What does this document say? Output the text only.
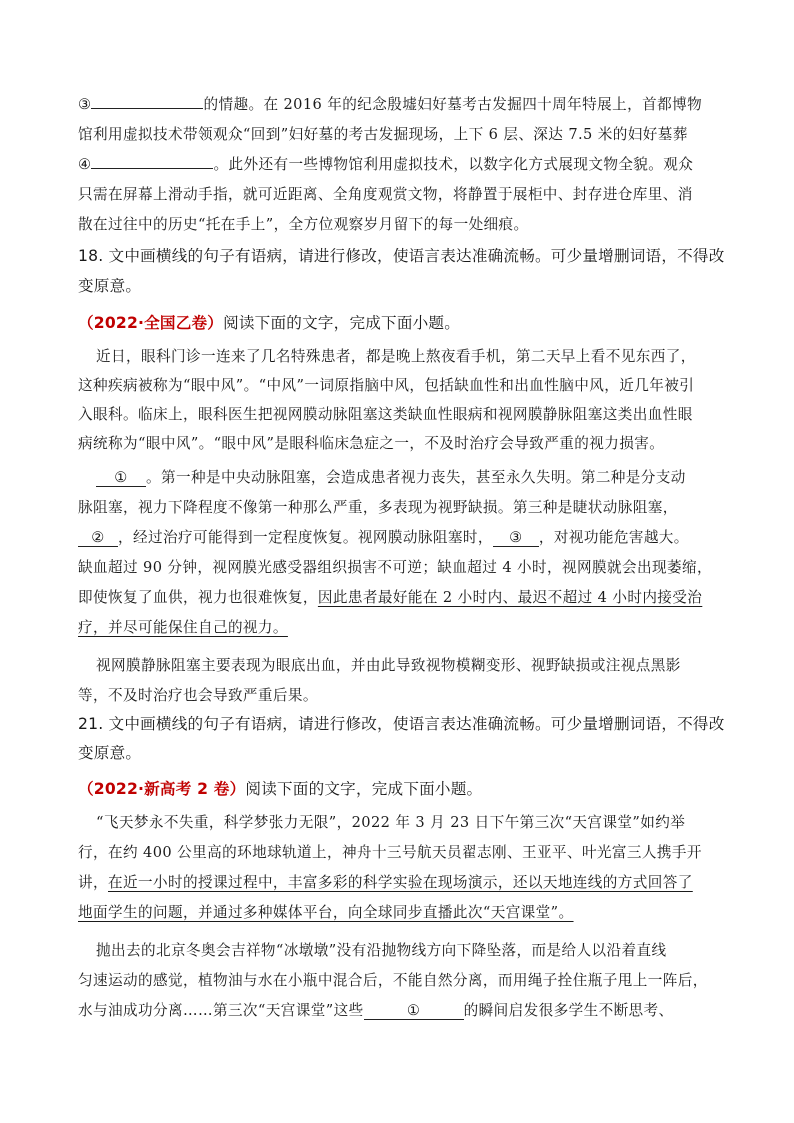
③	的情趣。在 2016 年的纪念殷墟妇好墓考古发掘四十周年特展上，首都博物
馆利用虚拟技术带领观众“回到”妇好墓的考古发掘现场，上下 6 层、深达 7.5 米的妇好墓葬
④	。此外还有一些博物馆利用虚拟技术，以数字化方式展现文物全貌。观众
只需在屏幕上滑动手指，就可近距离、全角度观赏文物，将静置于展柜中、封存进仓库里、消
散在过往中的历史“托在手上”，全方位观察岁月留下的每一处细痕。
18. 文中画横线的句子有语病，请进行修改，使语言表达准确流畅。可少量增删词语，不得改
变原意。
（2022·全国乙卷）阅读下面的文字，完成下面小题。
近日，眼科门诊一连来了几名特殊患者，都是晚上熬夜看手机，第二天早上看不见东西了，
这种疾病被称为“眼中风”。“中风”一词原指脑中风，包括缺血性和出血性脑中风，近几年被引
入眼科。临床上，眼科医生把视网膜动脉阻塞这类缺血性眼病和视网膜静脉阻塞这类出血性眼
病统称为“眼中风”。“眼中风”是眼科临床急症之一，不及时治疗会导致严重的视力损害。
① 。第一种是中央动脉阻塞，会造成患者视力丧失，甚至永久失明。第二种是分支动
脉阻塞，视力下降程度不像第一种那么严重，多表现为视野缺损。第三种是睫状动脉阻塞，
② ，经过治疗可能得到一定程度恢复。视网膜动脉阻塞时， ③ ，对视功能危害越大。
缺血超过 90 分钟，视网膜光感受器组织损害不可逆；缺血超过 4 小时，视网膜就会出现萎缩，
即使恢复了血供，视力也很难恢复，因此患者最好能在 2 小时内、最迟不超过 4 小时内接受治
疗，并尽可能保住自己的视力。
视网膜静脉阻塞主要表现为眼底出血，并由此导致视物模糊变形、视野缺损或注视点黑影
等，不及时治疗也会导致严重后果。
21. 文中画横线的句子有语病，请进行修改，使语言表达准确流畅。可少量增删词语，不得改
变原意。
（2022·新高考 2 卷）阅读下面的文字，完成下面小题。
“飞天梦永不失重，科学梦张力无限”，2022 年 3 月 23 日下午第三次“天宫课堂”如约举
行，在约 400 公里高的环地球轨道上，神舟十三号航天员翟志刚、王亚平、叶光富三人携手开
讲，在近一小时的授课过程中，丰富多彩的科学实验在现场演示，还以天地连线的方式回答了
地面学生的问题，并通过多种媒体平台，向全球同步直播此次“天宫课堂”。
抛出去的北京冬奥会吉祥物“冰墩墩”没有沿抛物线方向下降坠落，而是给人以沿着直线
匀速运动的感觉，植物油与水在小瓶中混合后，不能自然分离，而用绳子拴住瓶子甩上一阵后，
水与油成功分离……第三次“天宫课堂”这些	①	的瞬间启发很多学生不断思考、
